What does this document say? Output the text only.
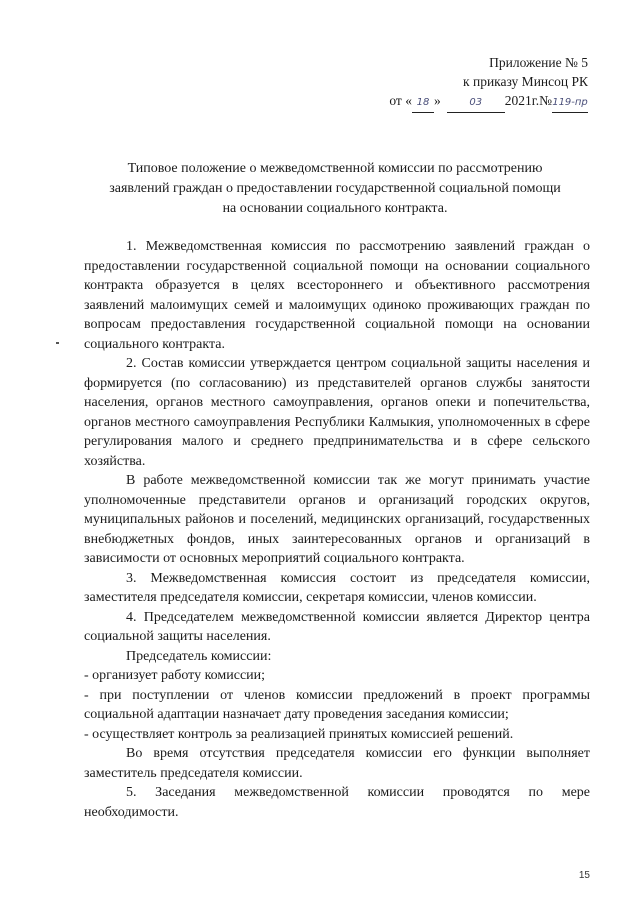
Приложение № 5
к приказу Минсоц РК
от « 18 »	03 2021г.№119-пр
Типовое положение о межведомственной комиссии по рассмотрению
заявлений граждан о предоставлении государственной социальной помощи
на основании социального контракта.

1. Межведомственная комиссия по рассмотрению заявлений граждан о предоставлении государственной социальной помощи на основании социального контракта образуется в целях всестороннего и объективного рассмотрения заявлений малоимущих семей и малоимущих одиноко проживающих граждан по вопросам предоставления государственной социальной помощи на основании социального контракта.

2. Состав комиссии утверждается центром социальной защиты населения и формируется (по согласованию) из представителей органов службы занятости населения, органов местного самоуправления, органов опеки и попечительства, органов местного самоуправления Республики Калмыкия, уполномоченных в сфере регулирования малого и среднего предпринимательства и в сфере сельского хозяйства.

В работе межведомственной комиссии так же могут принимать участие уполномоченные представители органов и организаций городских округов, муниципальных районов и поселений, медицинских организаций, государственных внебюджетных фондов, иных заинтересованных органов и организаций в зависимости от основных мероприятий социального контракта.

3. Межведомственная комиссия состоит из председателя комиссии, заместителя председателя комиссии, секретаря комиссии, членов комиссии.

4. Председателем межведомственной комиссии является Директор центра социальной защиты населения.

Председатель комиссии:

- организует работу комиссии;

- при поступлении от членов комиссии предложений в проект программы социальной адаптации назначает дату проведения заседания комиссии;

- осуществляет контроль за реализацией принятых комиссией решений.

Во время отсутствия председателя комиссии его функции выполняет заместитель председателя комиссии.

5. Заседания межведомственной комиссии проводятся по мере необходимости.

15
